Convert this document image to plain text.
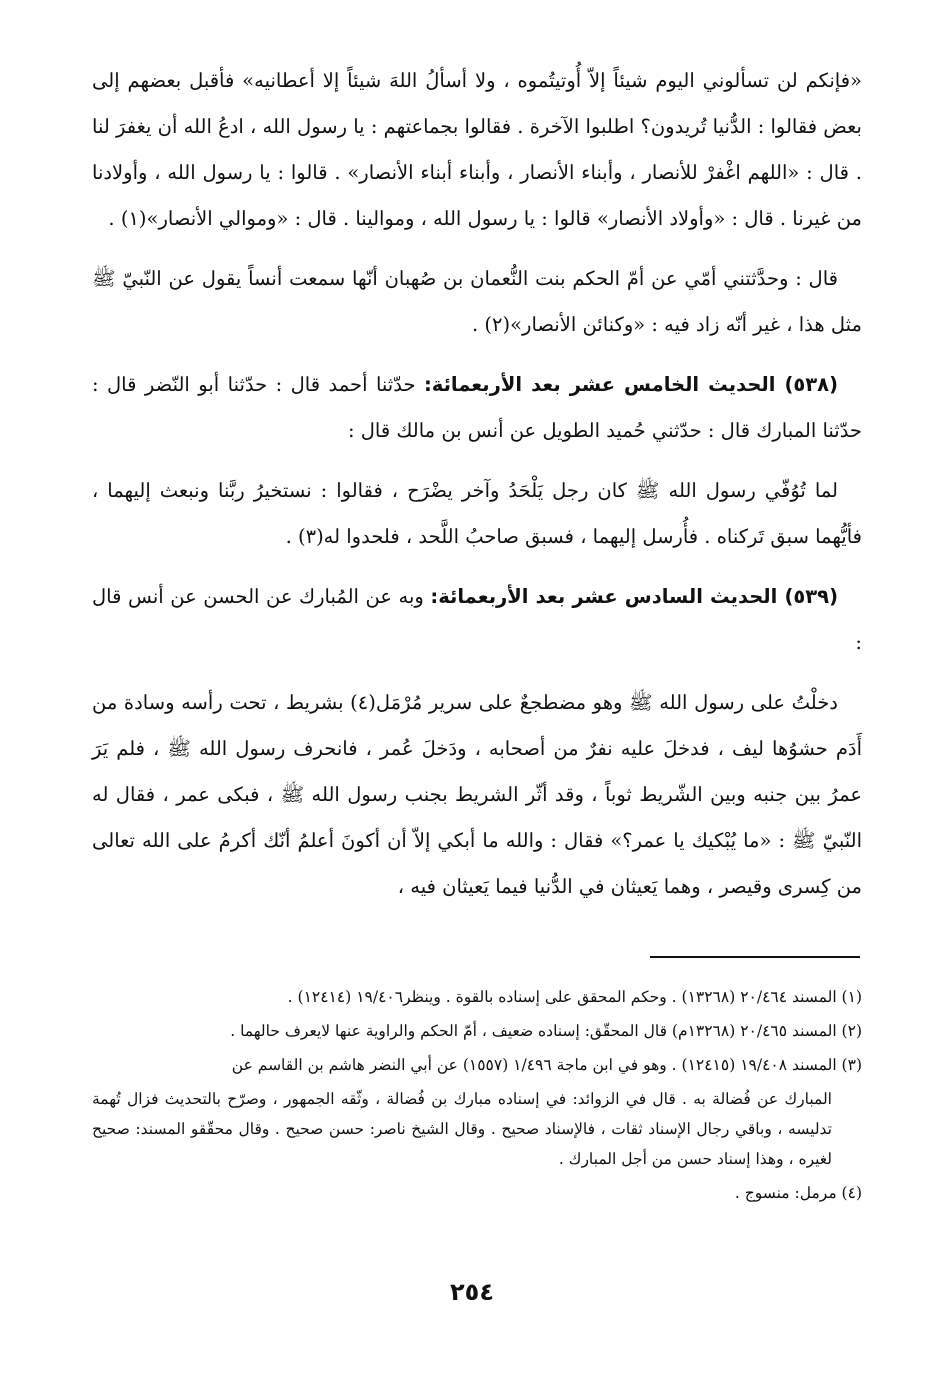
«فإنكم لن تسألوني اليوم شيئاً إلاّ أُوتيتُموه ، ولا أسألُ اللهَ شيئاً إلا أعطانيه» فأقبل بعضهم إلى بعض فقالوا : الدُّنيا تُريدون؟ اطلبوا الآخرة . فقالوا بجماعتهم : يا رسول الله ، ادعُ الله أن يغفرَ لنا . قال : «اللهم اغْفرْ للأنصار ، وأبناء الأنصار ، وأبناء أبناء الأنصار» . قالوا : يا رسول الله ، وأولادنا من غيرنا . قال : «وأولاد الأنصار» قالوا : يا رسول الله ، وموالينا . قال : «وموالي الأنصار»(١) .

قال : وحدَّثتني أمّي عن أمّ الحكم بنت النُّعمان بن صُهبان أنّها سمعت أنساً يقول عن النّبيّ ﷺ مثل هذا ، غير أنّه زاد فيه : «وكنائن الأنصار»(٢) .

(٥٣٨) الحديث الخامس عشر بعد الأربعمائة: حدّثنا أحمد قال : حدّثنا أبو النّضر قال : حدّثنا المبارك قال : حدّثني حُميد الطويل عن أنس بن مالك قال :

لما تُوُفّي رسول الله ﷺ كان رجل يَلْحَدُ وآخر يضْرَح ، فقالوا : نستخيرُ ربَّنا ونبعث إليهما ، فأيُّهما سبق تَركناه . فأُرسل إليهما ، فسبق صاحبُ اللَّحد ، فلحدوا له(٣) .

(٥٣٩) الحديث السادس عشر بعد الأربعمائة: وبه عن المُبارك عن الحسن عن أنس قال :

دخلْتُ على رسول الله ﷺ وهو مضطجعٌ على سرير مُرْمَل(٤) بشريط ، تحت رأسه وسادة من أَدَم حشوُها ليف ، فدخلَ عليه نفرٌ من أصحابه ، ودَخلَ عُمر ، فانحرف رسول الله ﷺ ، فلم يَرَ عمرُ بين جنبه وبين الشّريط ثوباً ، وقد أثّر الشريط بجنب رسول الله ﷺ ، فبكى عمر ، فقال له النّبيّ ﷺ : «ما يُبْكيك يا عمر؟» فقال : والله ما أبكي إلاّ أن أكونَ أعلمُ أنّك أكرمُ على الله تعالى من كِسرى وقيصر ، وهما يَعيثان في الدُّنيا فيما يَعيثان فيه ،

(١) المسند ٢٠/٤٦٤ (١٣٢٦٨) . وحكم المحقق على إسناده بالقوة . وينظر١٩/٤٠٦ (١٢٤١٤) .

(٢) المسند ٢٠/٤٦٥ (١٣٢٦٨م) قال المحقّق: إسناده ضعيف ، أمّ الحكم والراوية عنها لايعرف حالهما .

(٣) المسند ١٩/٤٠٨ (١٢٤١٥) . وهو في ابن ماجة ١/٤٩٦ (١٥٥٧) عن أبي النضر هاشم بن القاسم عن

المبارك عن فُضالة به . قال في الزوائد: في إسناده مبارك بن فُضالة ، وثّقه الجمهور ، وصرّح بالتحديث فزال تُهمة تدليسه ، وباقي رجال الإسناد ثقات ، فالإسناد صحيح . وقال الشيخ ناصر: حسن صحيح . وقال محقّقو المسند: صحيح لغيره ، وهذا إسناد حسن من أجل المبارك .

(٤) مرمل: منسوج .

٢٥٤
